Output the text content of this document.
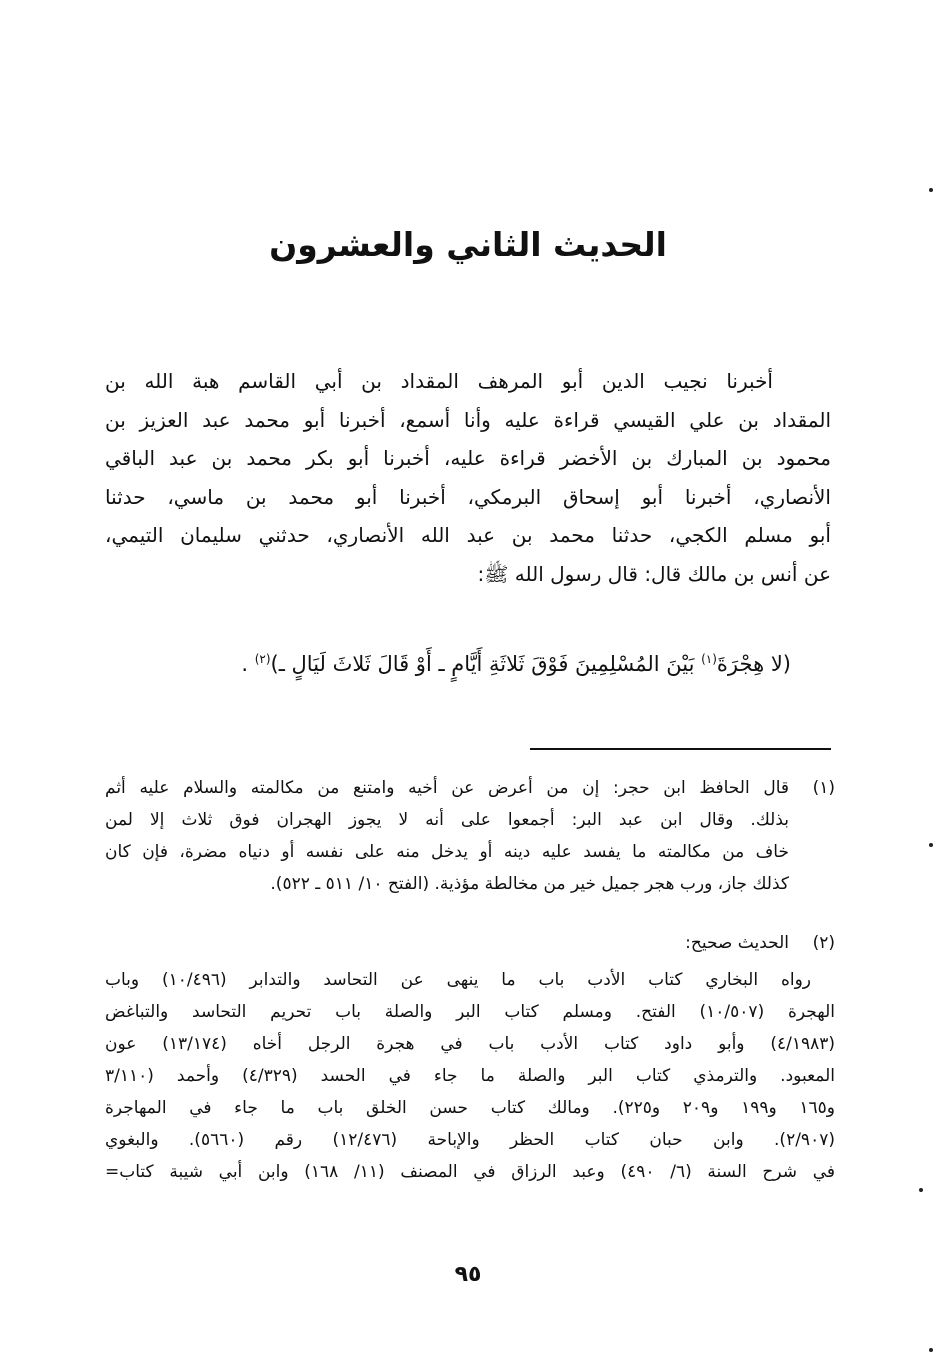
الحديث الثاني والعشرون
أخبرنا نجيب الدين أبو المرهف المقداد بن أبي القاسم هبة الله بن
المقداد بن علي القيسي قراءة عليه وأنا أسمع، أخبرنا أبو محمد عبد العزيز بن
محمود بن المبارك بن الأخضر قراءة عليه، أخبرنا أبو بكر محمد بن عبد الباقي
الأنصاري، أخبرنا أبو إسحاق البرمكي، أخبرنا أبو محمد بن ماسي، حدثنا
أبو مسلم الكجي، حدثنا محمد بن عبد الله الأنصاري، حدثني سليمان التيمي،
عن أنس بن مالك قال: قال رسول الله ﷺ:
(لا هِجْرَةَ$^{(١)}$ بَيْنَ المُسْلِمِينَ فَوْقَ ثَلاثَةِ أَيَّامٍ ـ أَوْ قَالَ ثَلاثَ لَيَالٍ ـ)$^{(٢)}$ .
(١)
قال الحافظ ابن حجر: إن من أعرض عن أخيه وامتنع من مكالمته والسلام عليه أثم
بذلك. وقال ابن عبد البر: أجمعوا على أنه لا يجوز الهجران فوق ثلاث إلا لمن
خاف من مكالمته ما يفسد عليه دينه أو يدخل منه على نفسه أو دنياه مضرة، فإن كان
كذلك جاز، ورب هجر جميل خير من مخالطة مؤذية. (الفتح ١٠/ ٥١١ ـ ٥٢٢).
(٢)
الحديث صحيح:
رواه البخاري كتاب الأدب باب ما ينهى عن التحاسد والتدابر (١٠/٤٩٦) وباب
الهجرة (١٠/٥٠٧) الفتح. ومسلم كتاب البر والصلة باب تحريم التحاسد والتباغض
(٤/١٩٨٣) وأبو داود كتاب الأدب باب في هجرة الرجل أخاه (١٣/١٧٤) عون
المعبود. والترمذي كتاب البر والصلة ما جاء في الحسد (٤/٣٢٩) وأحمد (٣/١١٠
و١٦٥ و١٩٩ و٢٠٩ و٢٢٥). ومالك كتاب حسن الخلق باب ما جاء في المهاجرة
(٢/٩٠٧). وابن حبان كتاب الحظر والإباحة (١٢/٤٧٦) رقم (٥٦٦٠). والبغوي
في شرح السنة (٦/ ٤٩٠) وعبد الرزاق في المصنف (١١/ ١٦٨) وابن أبي شيبة كتاب=
٩٥
